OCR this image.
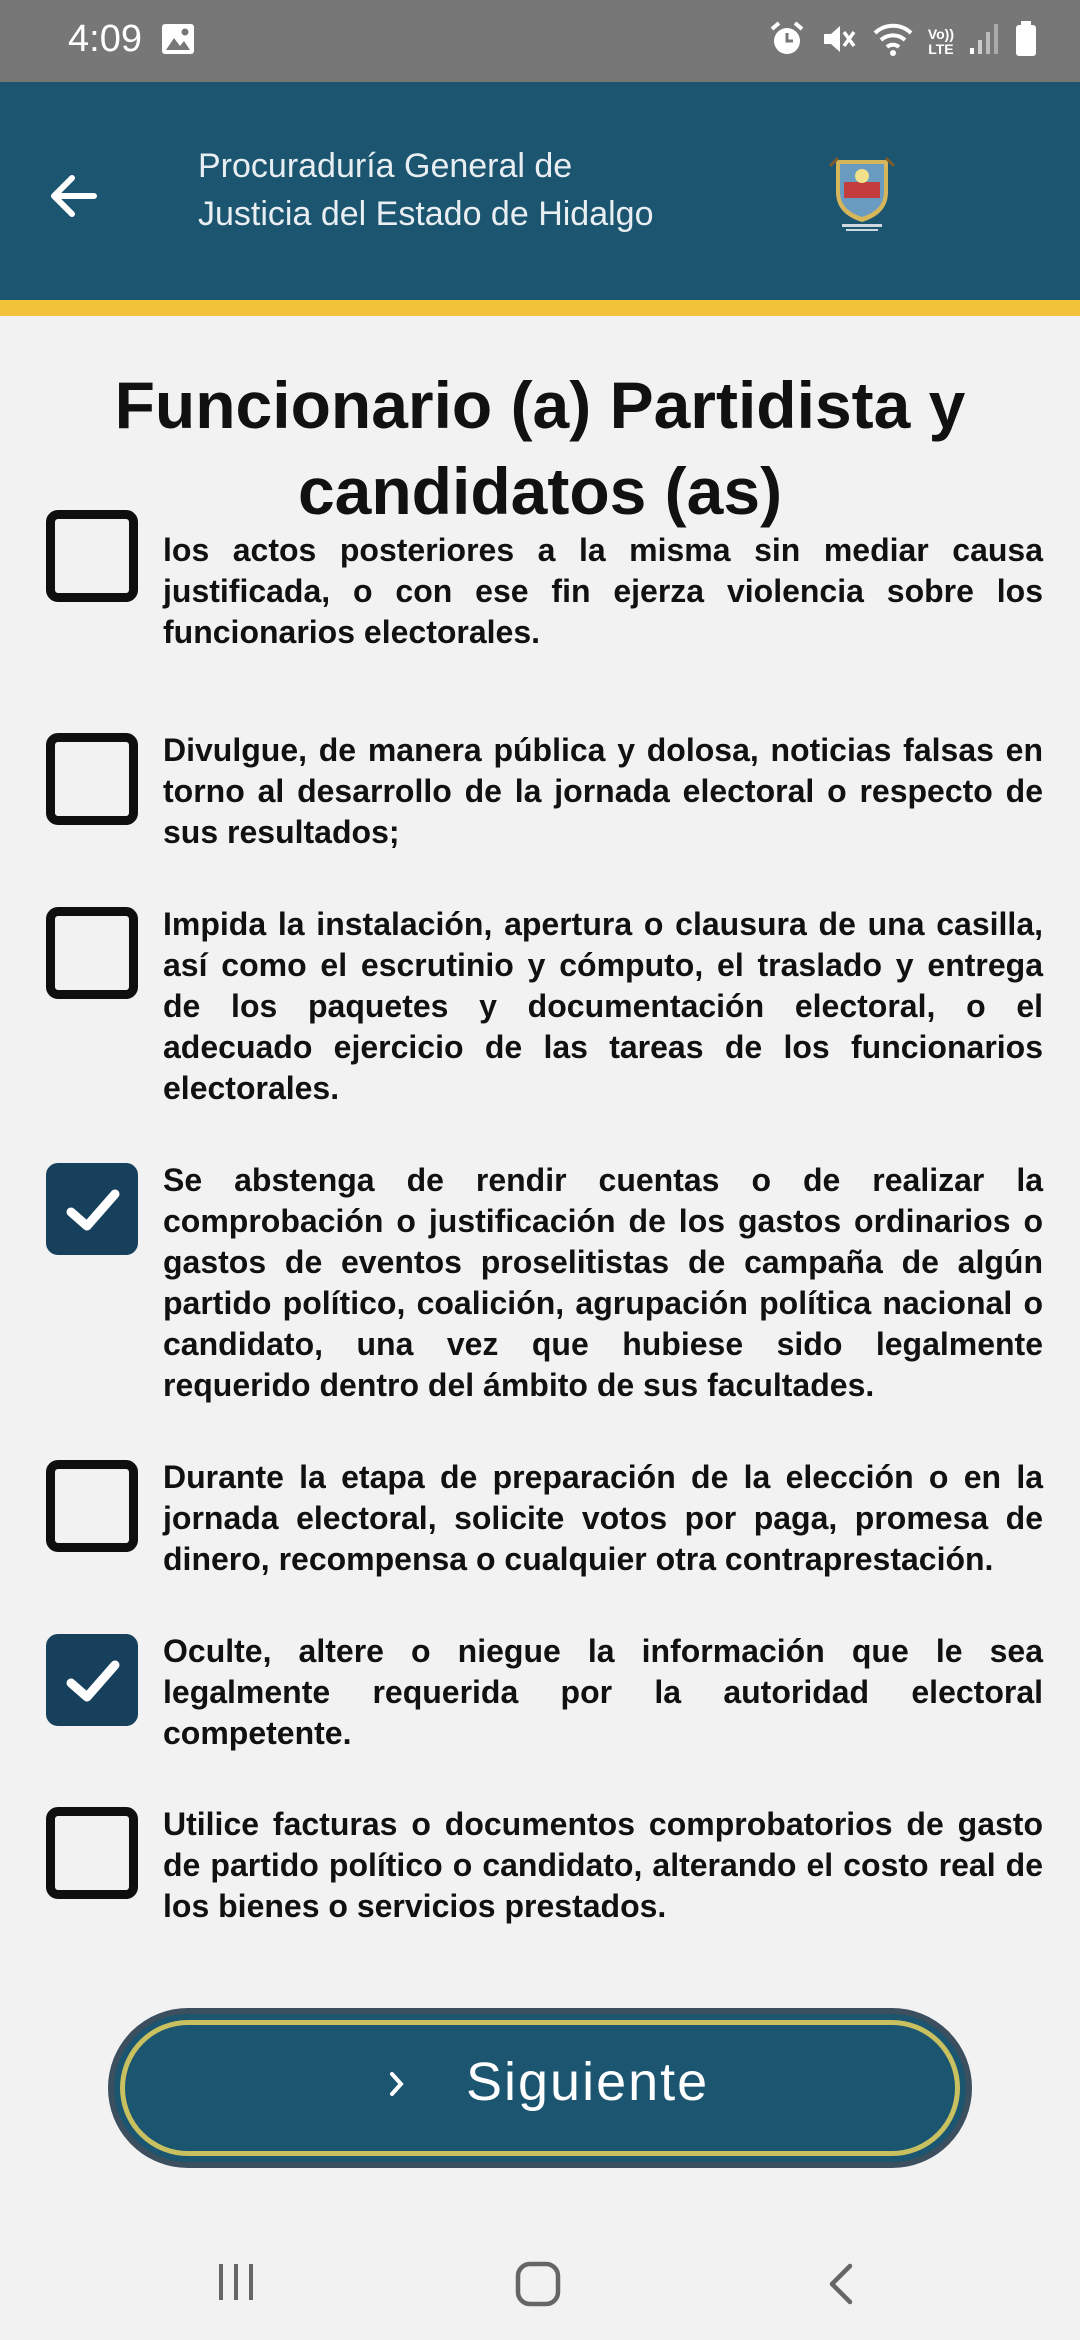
4:09	Vo))
LTE
Procuraduría General de
Justicia del Estado de Hidalgo
Funcionario (a) Partidista y
candidatos (as)
los actos posteriores a la misma sin mediar causa justificada, o con ese fin ejerza violencia sobre los funcionarios electorales.
Divulgue, de manera pública y dolosa, noticias falsas en torno al desarrollo de la jornada electoral o respecto de sus resultados;
Impida la instalación, apertura o clausura de una casilla, así como el escrutinio y cómputo, el traslado y entrega de los paquetes y documentación electoral, o el adecuado ejercicio de las tareas de los funcionarios electorales.
Se abstenga de rendir cuentas o de realizar la comprobación o justificación de los gastos ordinarios o gastos de eventos proselitistas de campaña de algún partido político, coalición, agrupación política nacional o candidato, una vez que hubiese sido legalmente requerido dentro del ámbito de sus facultades.
Durante la etapa de preparación de la elección o en la jornada electoral, solicite votos por paga, promesa de dinero, recompensa o cualquier otra contraprestación.
Oculte, altere o niegue la información que le sea legalmente requerida por la autoridad electoral competente.
Utilice facturas o documentos comprobatorios de gasto de partido político o candidato, alterando el costo real de los bienes o servicios prestados.
Siguiente
